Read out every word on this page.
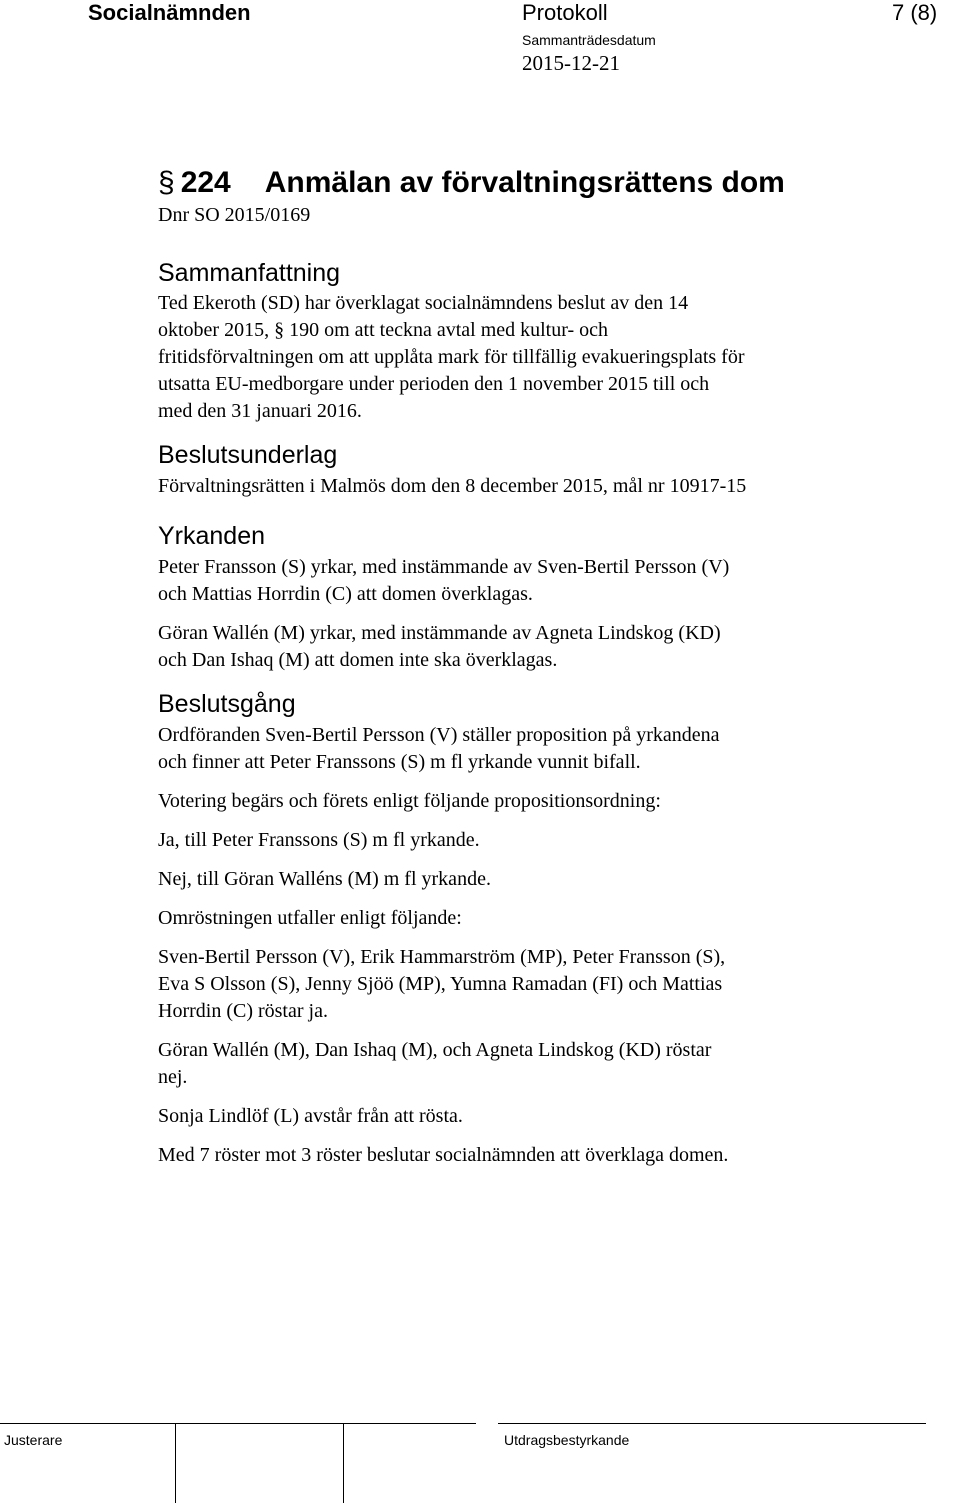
Socialnämnden	Protokoll	7 (8)
Sammanträdesdatum
2015-12-21
§ 224 Anmälan av förvaltningsrättens dom
Dnr SO 2015/0169
Sammanfattning

Ted Ekeroth (SD) har överklagat socialnämndens beslut av den 14

oktober 2015, § 190 om att teckna avtal med kultur- och

fritidsförvaltningen om att upplåta mark för tillfällig evakueringsplats för

utsatta EU-medborgare under perioden den 1 november 2015 till och

med den 31 januari 2016.

Beslutsunderlag

Förvaltningsrätten i Malmös dom den 8 december 2015, mål nr 10917-15

Yrkanden

Peter Fransson (S) yrkar, med instämmande av Sven-Bertil Persson (V)

och Mattias Horrdin (C) att domen överklagas.

Göran Wallén (M) yrkar, med instämmande av Agneta Lindskog (KD)

och Dan Ishaq (M) att domen inte ska överklagas.

Beslutsgång

Ordföranden Sven-Bertil Persson (V) ställer proposition på yrkandena

och finner att Peter Franssons (S) m fl yrkande vunnit bifall.

Votering begärs och förets enligt följande propositionsordning:

Ja, till Peter Franssons (S) m fl yrkande.

Nej, till Göran Walléns (M) m fl yrkande.

Omröstningen utfaller enligt följande:

Sven-Bertil Persson (V), Erik Hammarström (MP), Peter Fransson (S),

Eva S Olsson (S), Jenny Sjöö (MP), Yumna Ramadan (FI) och Mattias

Horrdin (C) röstar ja.

Göran Wallén (M), Dan Ishaq (M), och Agneta Lindskog (KD) röstar

nej.

Sonja Lindlöf (L) avstår från att rösta.

Med 7 röster mot 3 röster beslutar socialnämnden att överklaga domen.

Justerare	Utdragsbestyrkande
